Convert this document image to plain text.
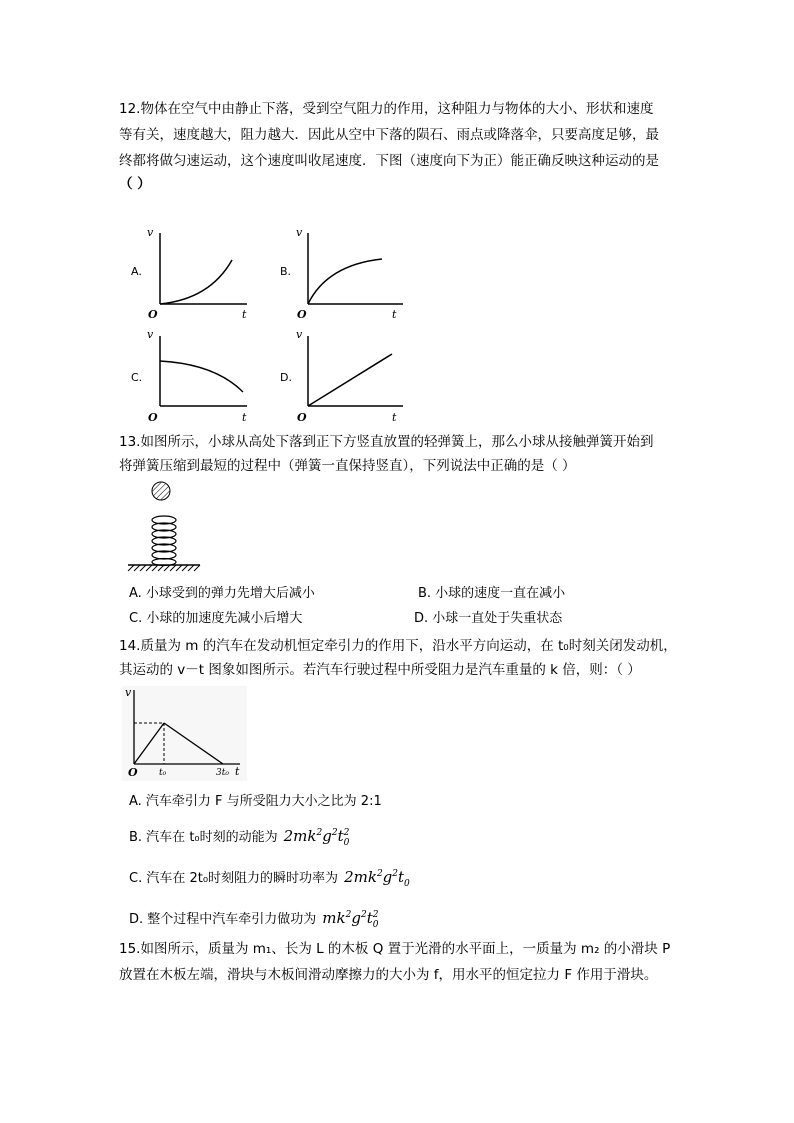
12.物体在空气中由静止下落，受到空气阻力的作用，这种阻力与物体的大小、形状和速度
等有关，速度越大，阻力越大．因此从空中下落的陨石、雨点或降落伞，只要高度足够，最
终都将做匀速运动，这个速度叫收尾速度．下图（速度向下为正）能正确反映这种运动的是
（ ）
A.
v
O	t
B.
v
O	t
C.
v
O	t
D.
v
O	t
13.如图所示，小球从高处下落到正下方竖直放置的轻弹簧上，那么小球从接触弹簧开始到
将弹簧压缩到最短的过程中（弹簧一直保持竖直），下列说法中正确的是（ ）
A. 小球受到的弹力先增大后减小	B. 小球的速度一直在减小
C. 小球的加速度先减小后增大	D. 小球一直处于失重状态
14.质量为 m 的汽车在发动机恒定牵引力的作用下，沿水平方向运动，在 t₀时刻关闭发动机，
其运动的 v－t 图象如图所示。若汽车行驶过程中所受阻力是汽车重量的 k 倍，则：（ ）
v
O t₀	3t₀ t
A. 汽车牵引力 F 与所受阻力大小之比为 2:1
B. 汽车在 t₀时刻的动能为 $2mk^2g^2t$ 2
0
C. 汽车在 2t₀时刻阻力的瞬时功率为 $2mk^2g^2t_0$
D. 整个过程中汽车牵引力做功为 $mk^2g^2t$ 2
0
15.如图所示，质量为 m₁、长为 L 的木板 Q 置于光滑的水平面上，一质量为 m₂ 的小滑块 P
放置在木板左端，滑块与木板间滑动摩擦力的大小为 f，用水平的恒定拉力 F 作用于滑块。
